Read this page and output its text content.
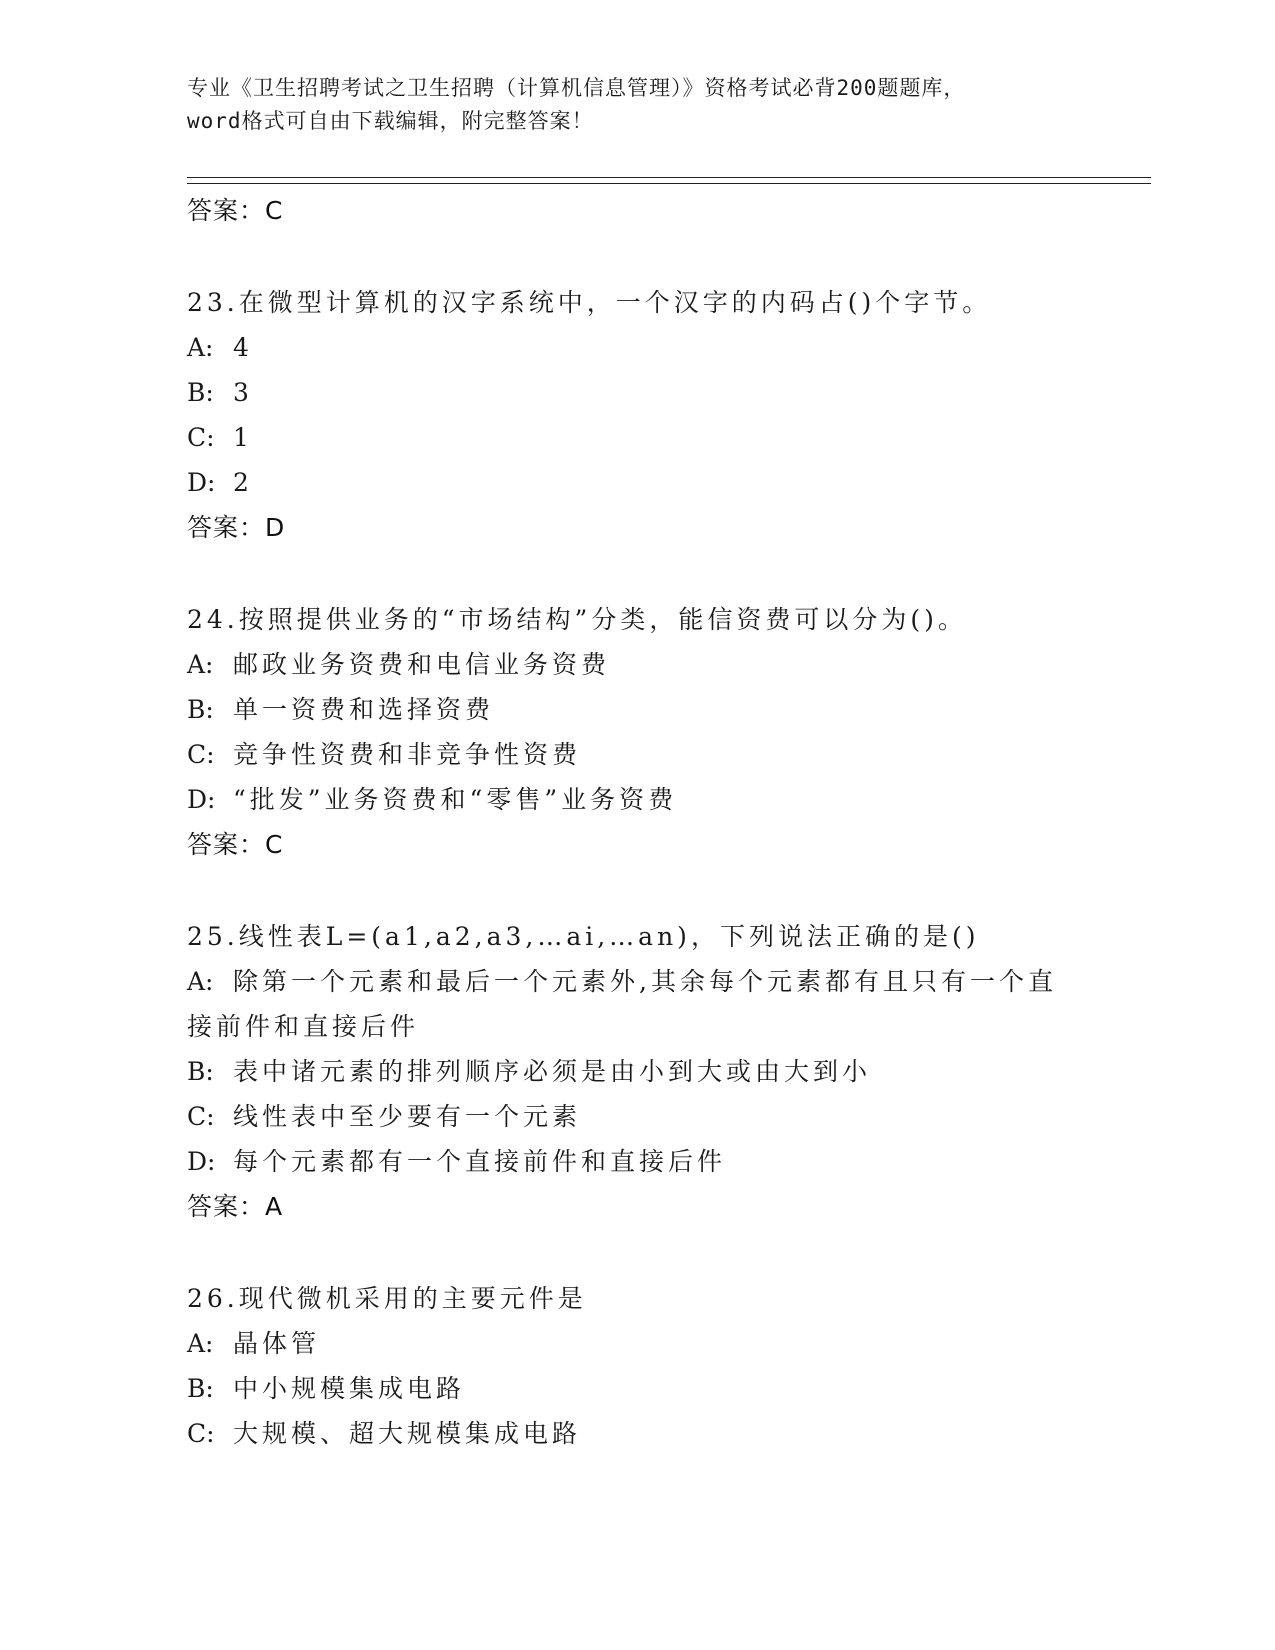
专业《卫生招聘考试之卫生招聘（计算机信息管理）》资格考试必背200题题库，
word格式可自由下载编辑，附完整答案！
答案：C
23.在微型计算机的汉字系统中，一个汉字的内码占()个字节。
A: 4
B: 3
C: 1
D: 2
答案：D
24.按照提供业务的“市场结构”分类，能信资费可以分为()。
A: 邮政业务资费和电信业务资费
B: 单一资费和选择资费
C: 竞争性资费和非竞争性资费
D: “批发”业务资费和“零售”业务资费
答案：C
25.线性表L=(a1,a2,a3,…ai,…an)，下列说法正确的是()
A: 除第一个元素和最后一个元素外,其余每个元素都有且只有一个直
接前件和直接后件
B: 表中诸元素的排列顺序必须是由小到大或由大到小
C: 线性表中至少要有一个元素
D: 每个元素都有一个直接前件和直接后件
答案：A
26.现代微机采用的主要元件是
A: 晶体管
B: 中小规模集成电路
C: 大规模、超大规模集成电路
